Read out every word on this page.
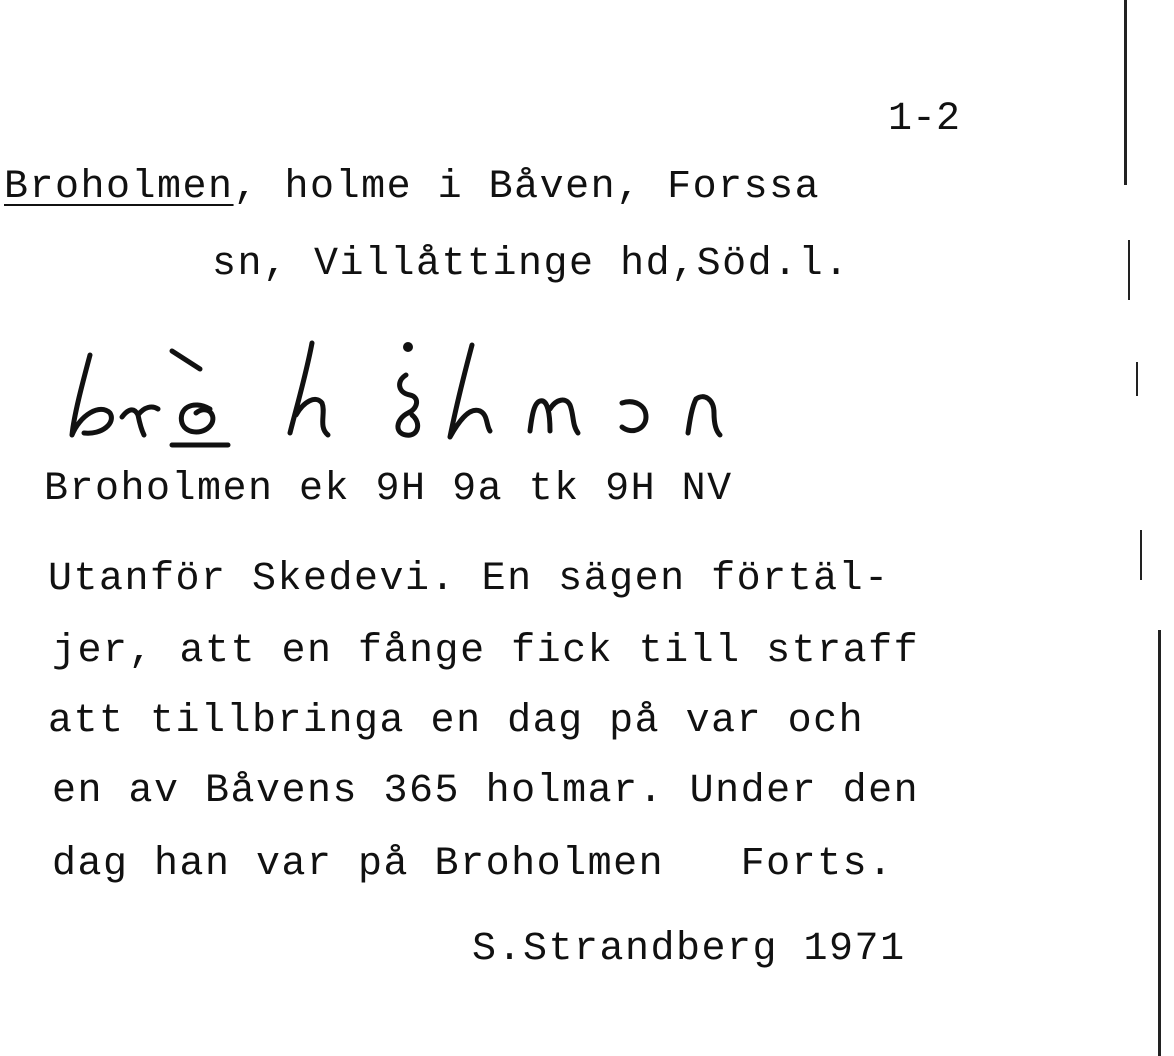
1-2
Broholmen, holme i Båven, Forssa
sn, Villåttinge hd,Söd.l.
Broholmen ek 9H 9a tk 9H NV
Utanför Skedevi. En sägen förtäl-
jer, att en fånge fick till straff
att tillbringa en dag på var och
en av Båvens 365 holmar. Under den
dag han var på Broholmen   Forts.
S.Strandberg 1971
